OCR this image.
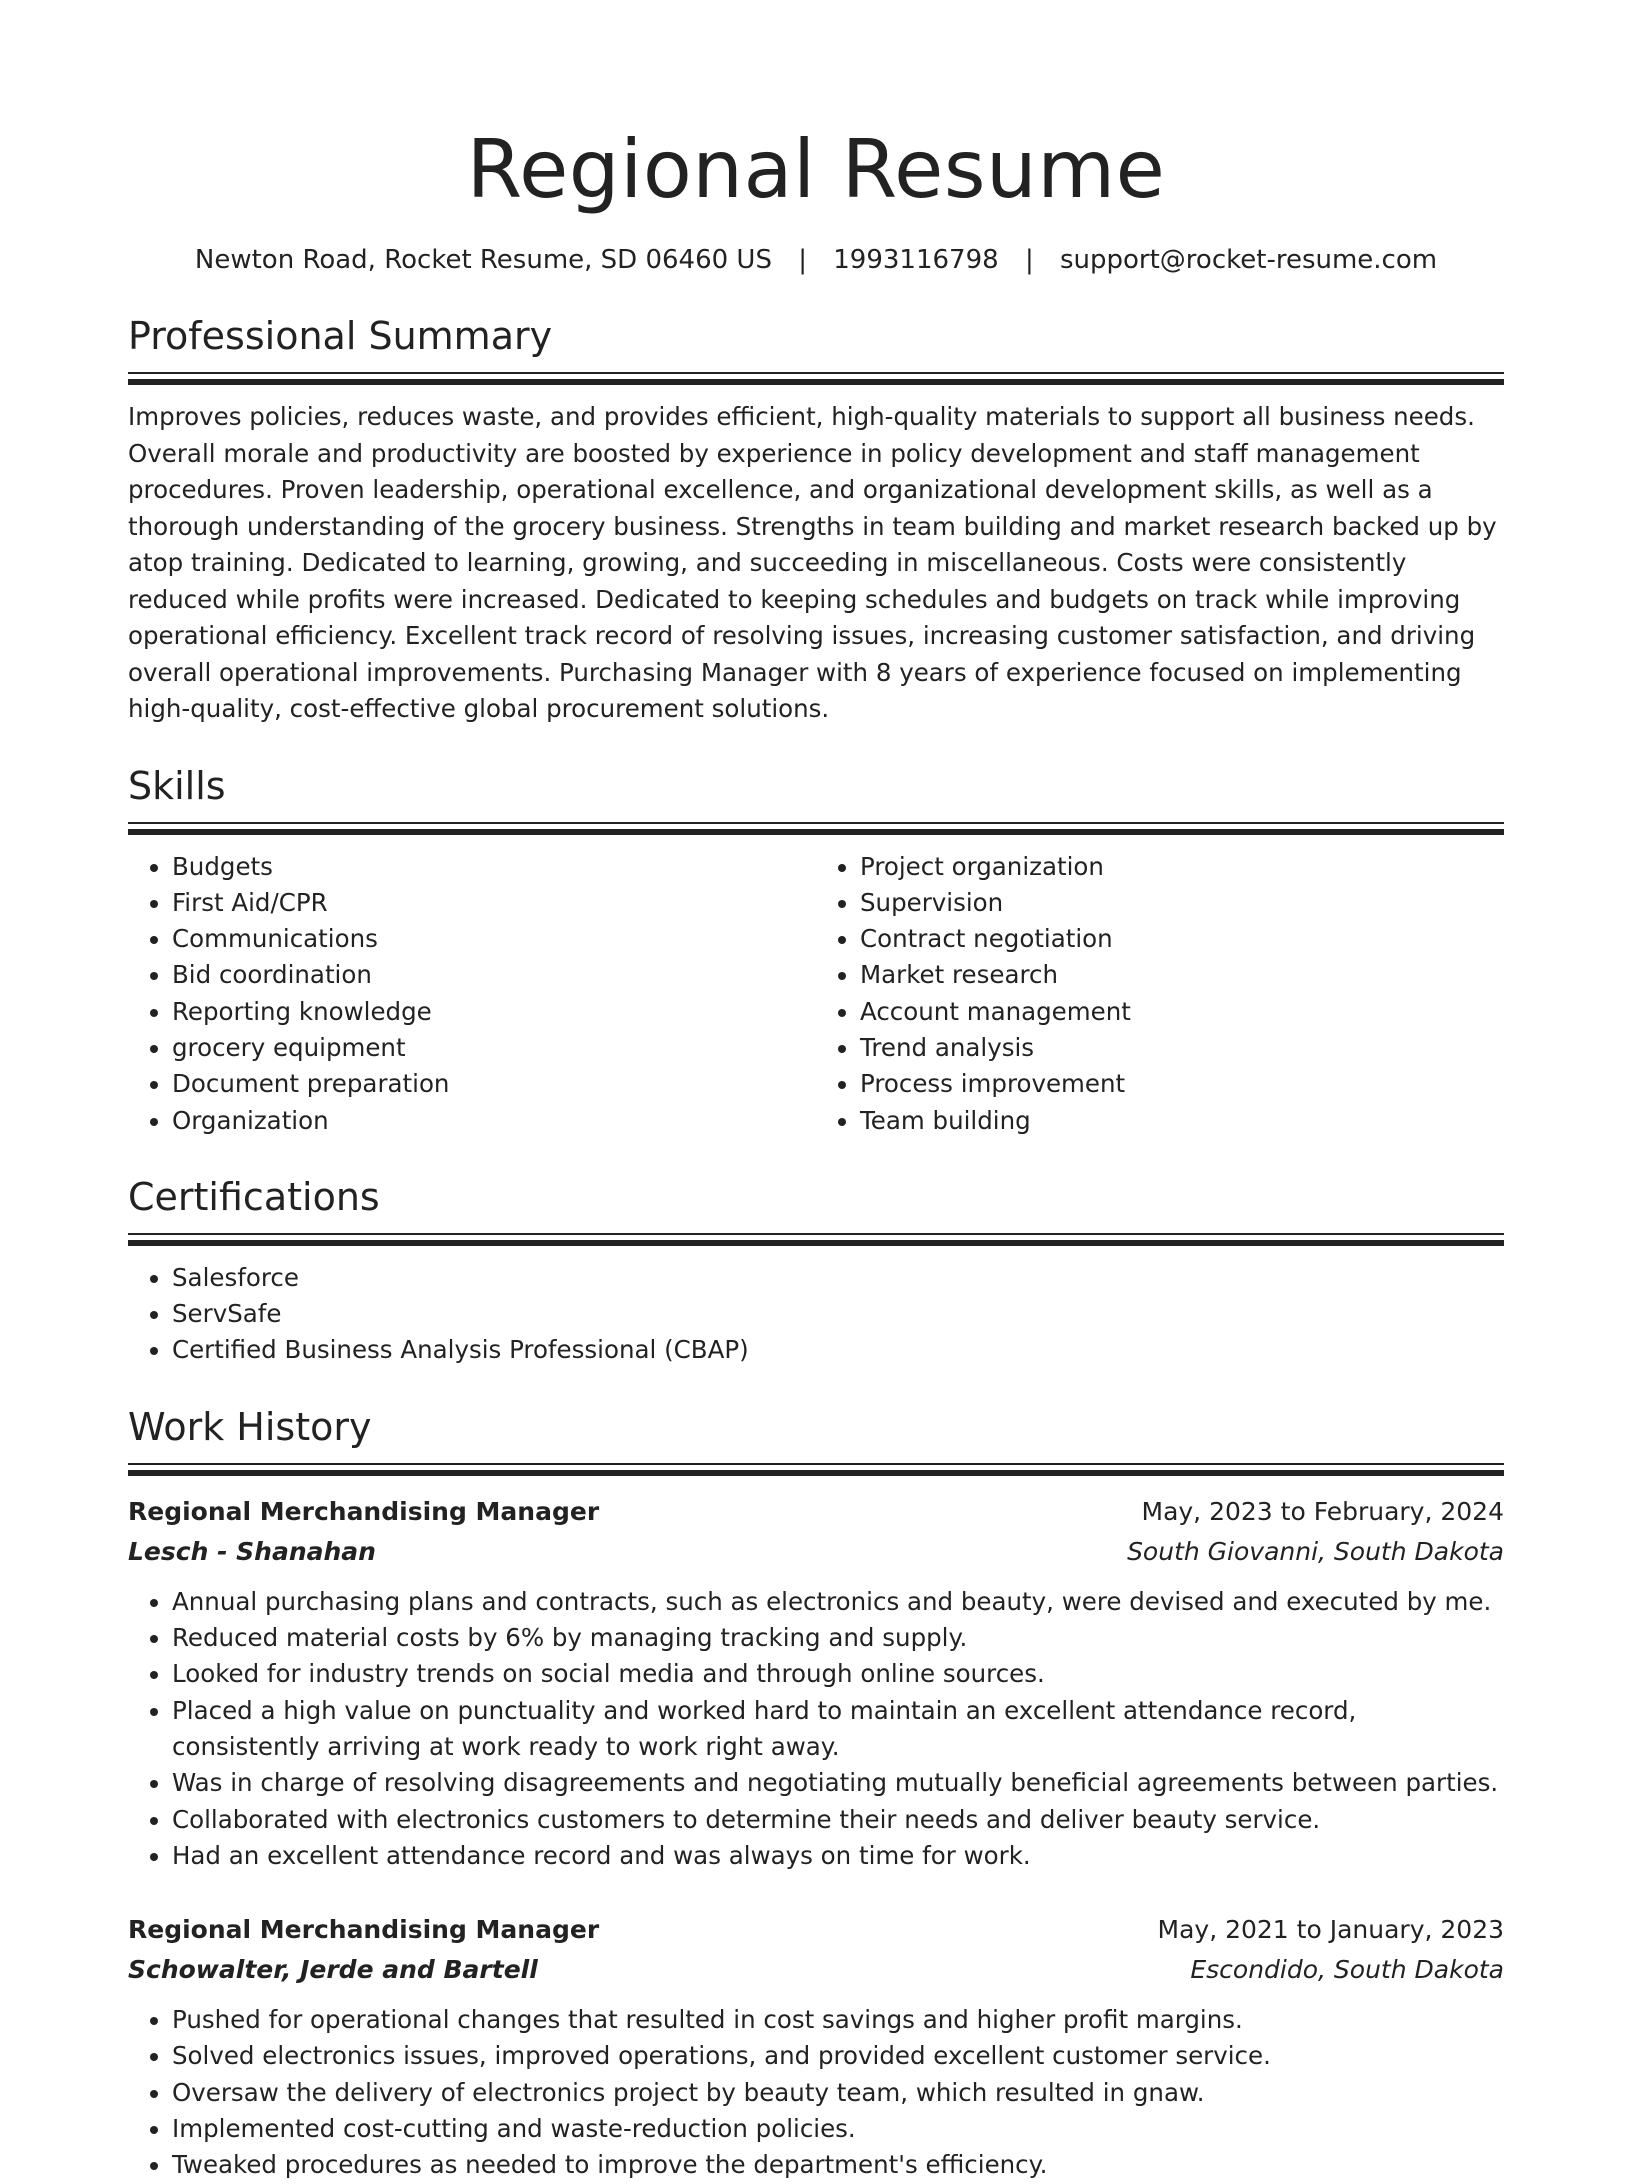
Regional Resume
Newton Road, Rocket Resume, SD 06460 US | 1993116798 | support@rocket-resume.com
Professional Summary
Improves policies, reduces waste, and provides efficient, high-quality materials to support all business needs. Overall morale and productivity are boosted by experience in policy development and staff management procedures. Proven leadership, operational excellence, and organizational development skills, as well as a thorough understanding of the grocery business. Strengths in team building and market research backed up by atop training. Dedicated to learning, growing, and succeeding in miscellaneous. Costs were consistently reduced while profits were increased. Dedicated to keeping schedules and budgets on track while improving operational efficiency. Excellent track record of resolving issues, increasing customer satisfaction, and driving overall operational improvements. Purchasing Manager with 8 years of experience focused on implementing high-quality, cost-effective global procurement solutions.
Skills
• Budgets
• First Aid/CPR
• Communications
• Bid coordination
• Reporting knowledge
• grocery equipment
• Document preparation
• Organization
• Project organization
• Supervision
• Contract negotiation
• Market research
• Account management
• Trend analysis
• Process improvement
• Team building
Certifications
• Salesforce
• ServSafe
• Certified Business Analysis Professional (CBAP)
Work History
Regional Merchandising Manager	May, 2023 to February, 2024
Lesch - Shanahan	South Giovanni, South Dakota
• Annual purchasing plans and contracts, such as electronics and beauty, were devised and executed by me.
• Reduced material costs by 6% by managing tracking and supply.
• Looked for industry trends on social media and through online sources.
• Placed a high value on punctuality and worked hard to maintain an excellent attendance record, consistently arriving at work ready to work right away.
• Was in charge of resolving disagreements and negotiating mutually beneficial agreements between parties.
• Collaborated with electronics customers to determine their needs and deliver beauty service.
• Had an excellent attendance record and was always on time for work.
Regional Merchandising Manager	May, 2021 to January, 2023
Schowalter, Jerde and Bartell	Escondido, South Dakota
• Pushed for operational changes that resulted in cost savings and higher profit margins.
• Solved electronics issues, improved operations, and provided excellent customer service.
• Oversaw the delivery of electronics project by beauty team, which resulted in gnaw.
• Implemented cost-cutting and waste-reduction policies.
• Tweaked procedures as needed to improve the department's efficiency.
